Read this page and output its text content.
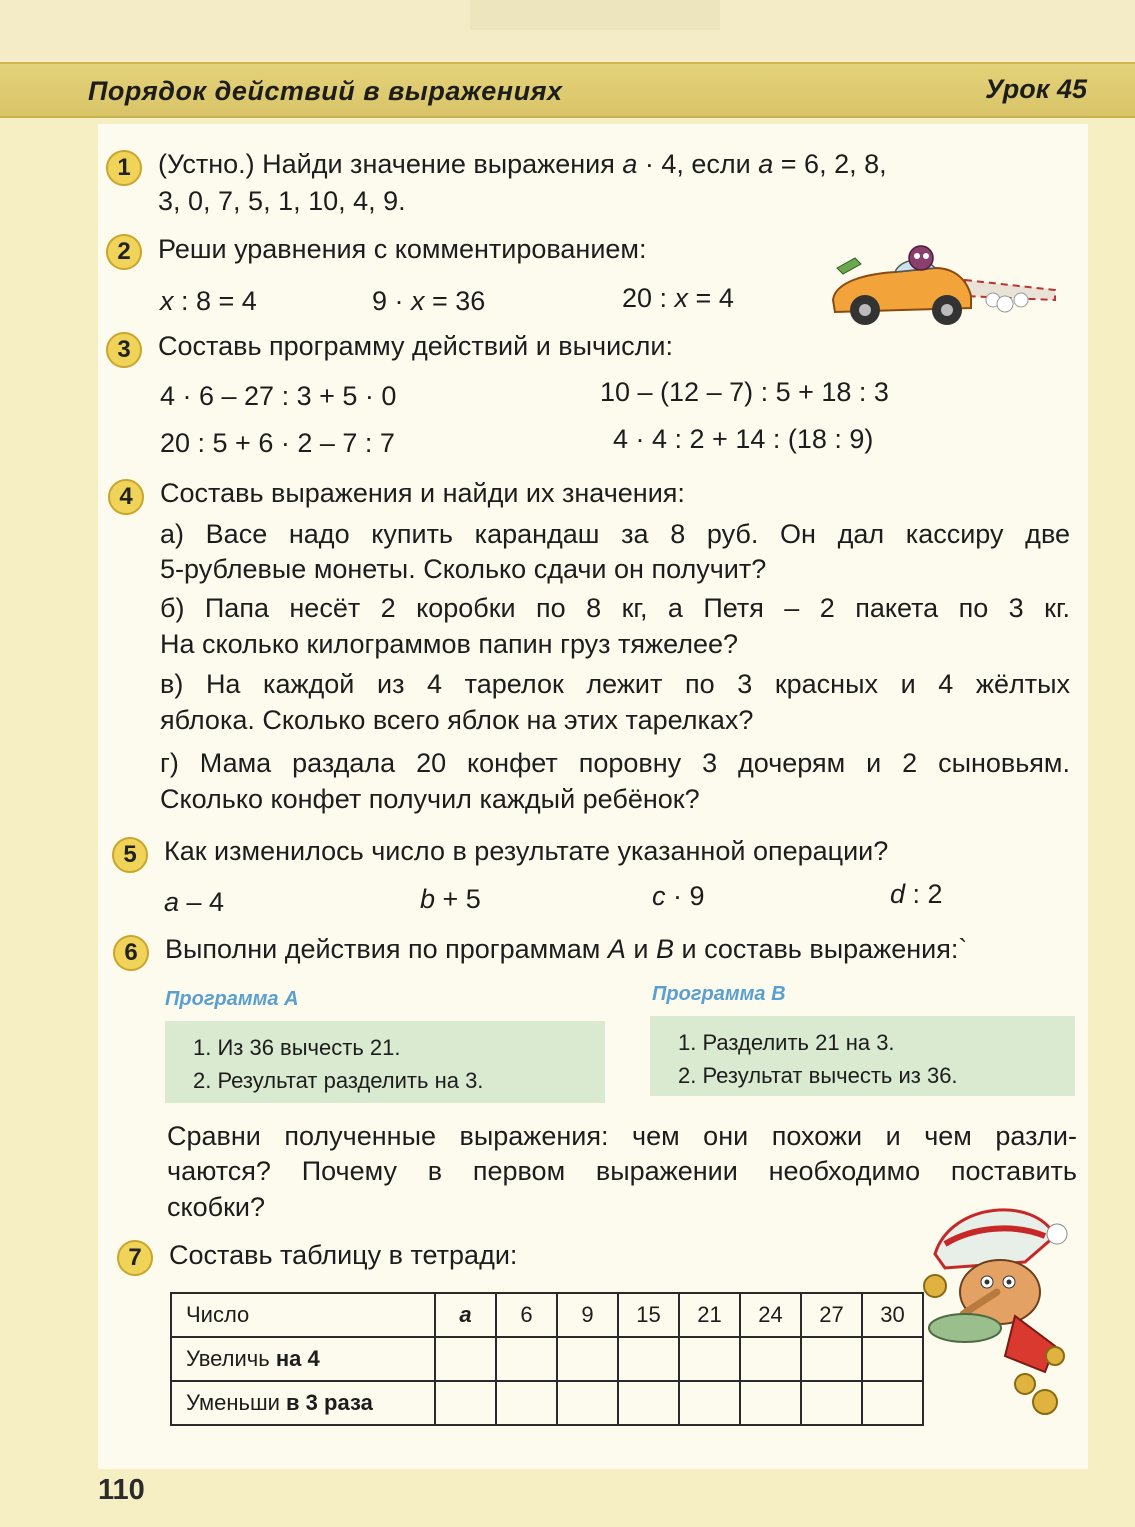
Порядок действий в выражениях	Урок 45
1	(Устно.) Найди значение выражения a · 4, если a = 6, 2, 8,
3, 0, 7, 5, 1, 10, 4, 9.
2	Реши уравнения с комментированием:
x : 8 = 4	9 · x = 36	20 : x = 4
3	Составь программу действий и вычисли:
4 · 6 – 27 : 3 + 5 · 0	10 – (12 – 7) : 5 + 18 : 3
20 : 5 + 6 · 2 – 7 : 7	4 · 4 : 2 + 14 : (18 : 9)
4	Составь выражения и найди их значения:
а) Васе надо купить карандаш за 8 руб. Он дал кассиру две
5-рублевые монеты. Сколько сдачи он получит?
б) Папа несёт 2 коробки по 8 кг, а Петя – 2 пакета по 3 кг.
На сколько килограммов папин груз тяжелее?
в) На каждой из 4 тарелок лежит по 3 красных и 4 жёлтых
яблока. Сколько всего яблок на этих тарелках?
г) Мама раздала 20 конфет поровну 3 дочерям и 2 сыновьям.
Сколько конфет получил каждый ребёнок?
5	Как изменилось число в результате указанной операции?
a – 4	b + 5	c · 9	d : 2
6	Выполни действия по программам A и B и составь выражения:`
Программа A
1. Из 36 вычесть 21.
2. Результат разделить на 3.
Программа B
1. Разделить 21 на 3.
2. Результат вычесть из 36.
Сравни полученные выражения: чем они похожи и чем разли-
чаются? Почему в первом выражении необходимо поставить
скобки?
7	Составь таблицу в тетради:
Число	a	6	9	15	21	24	27	30
Увеличь на 4								
Уменьши в 3 раза								
110
